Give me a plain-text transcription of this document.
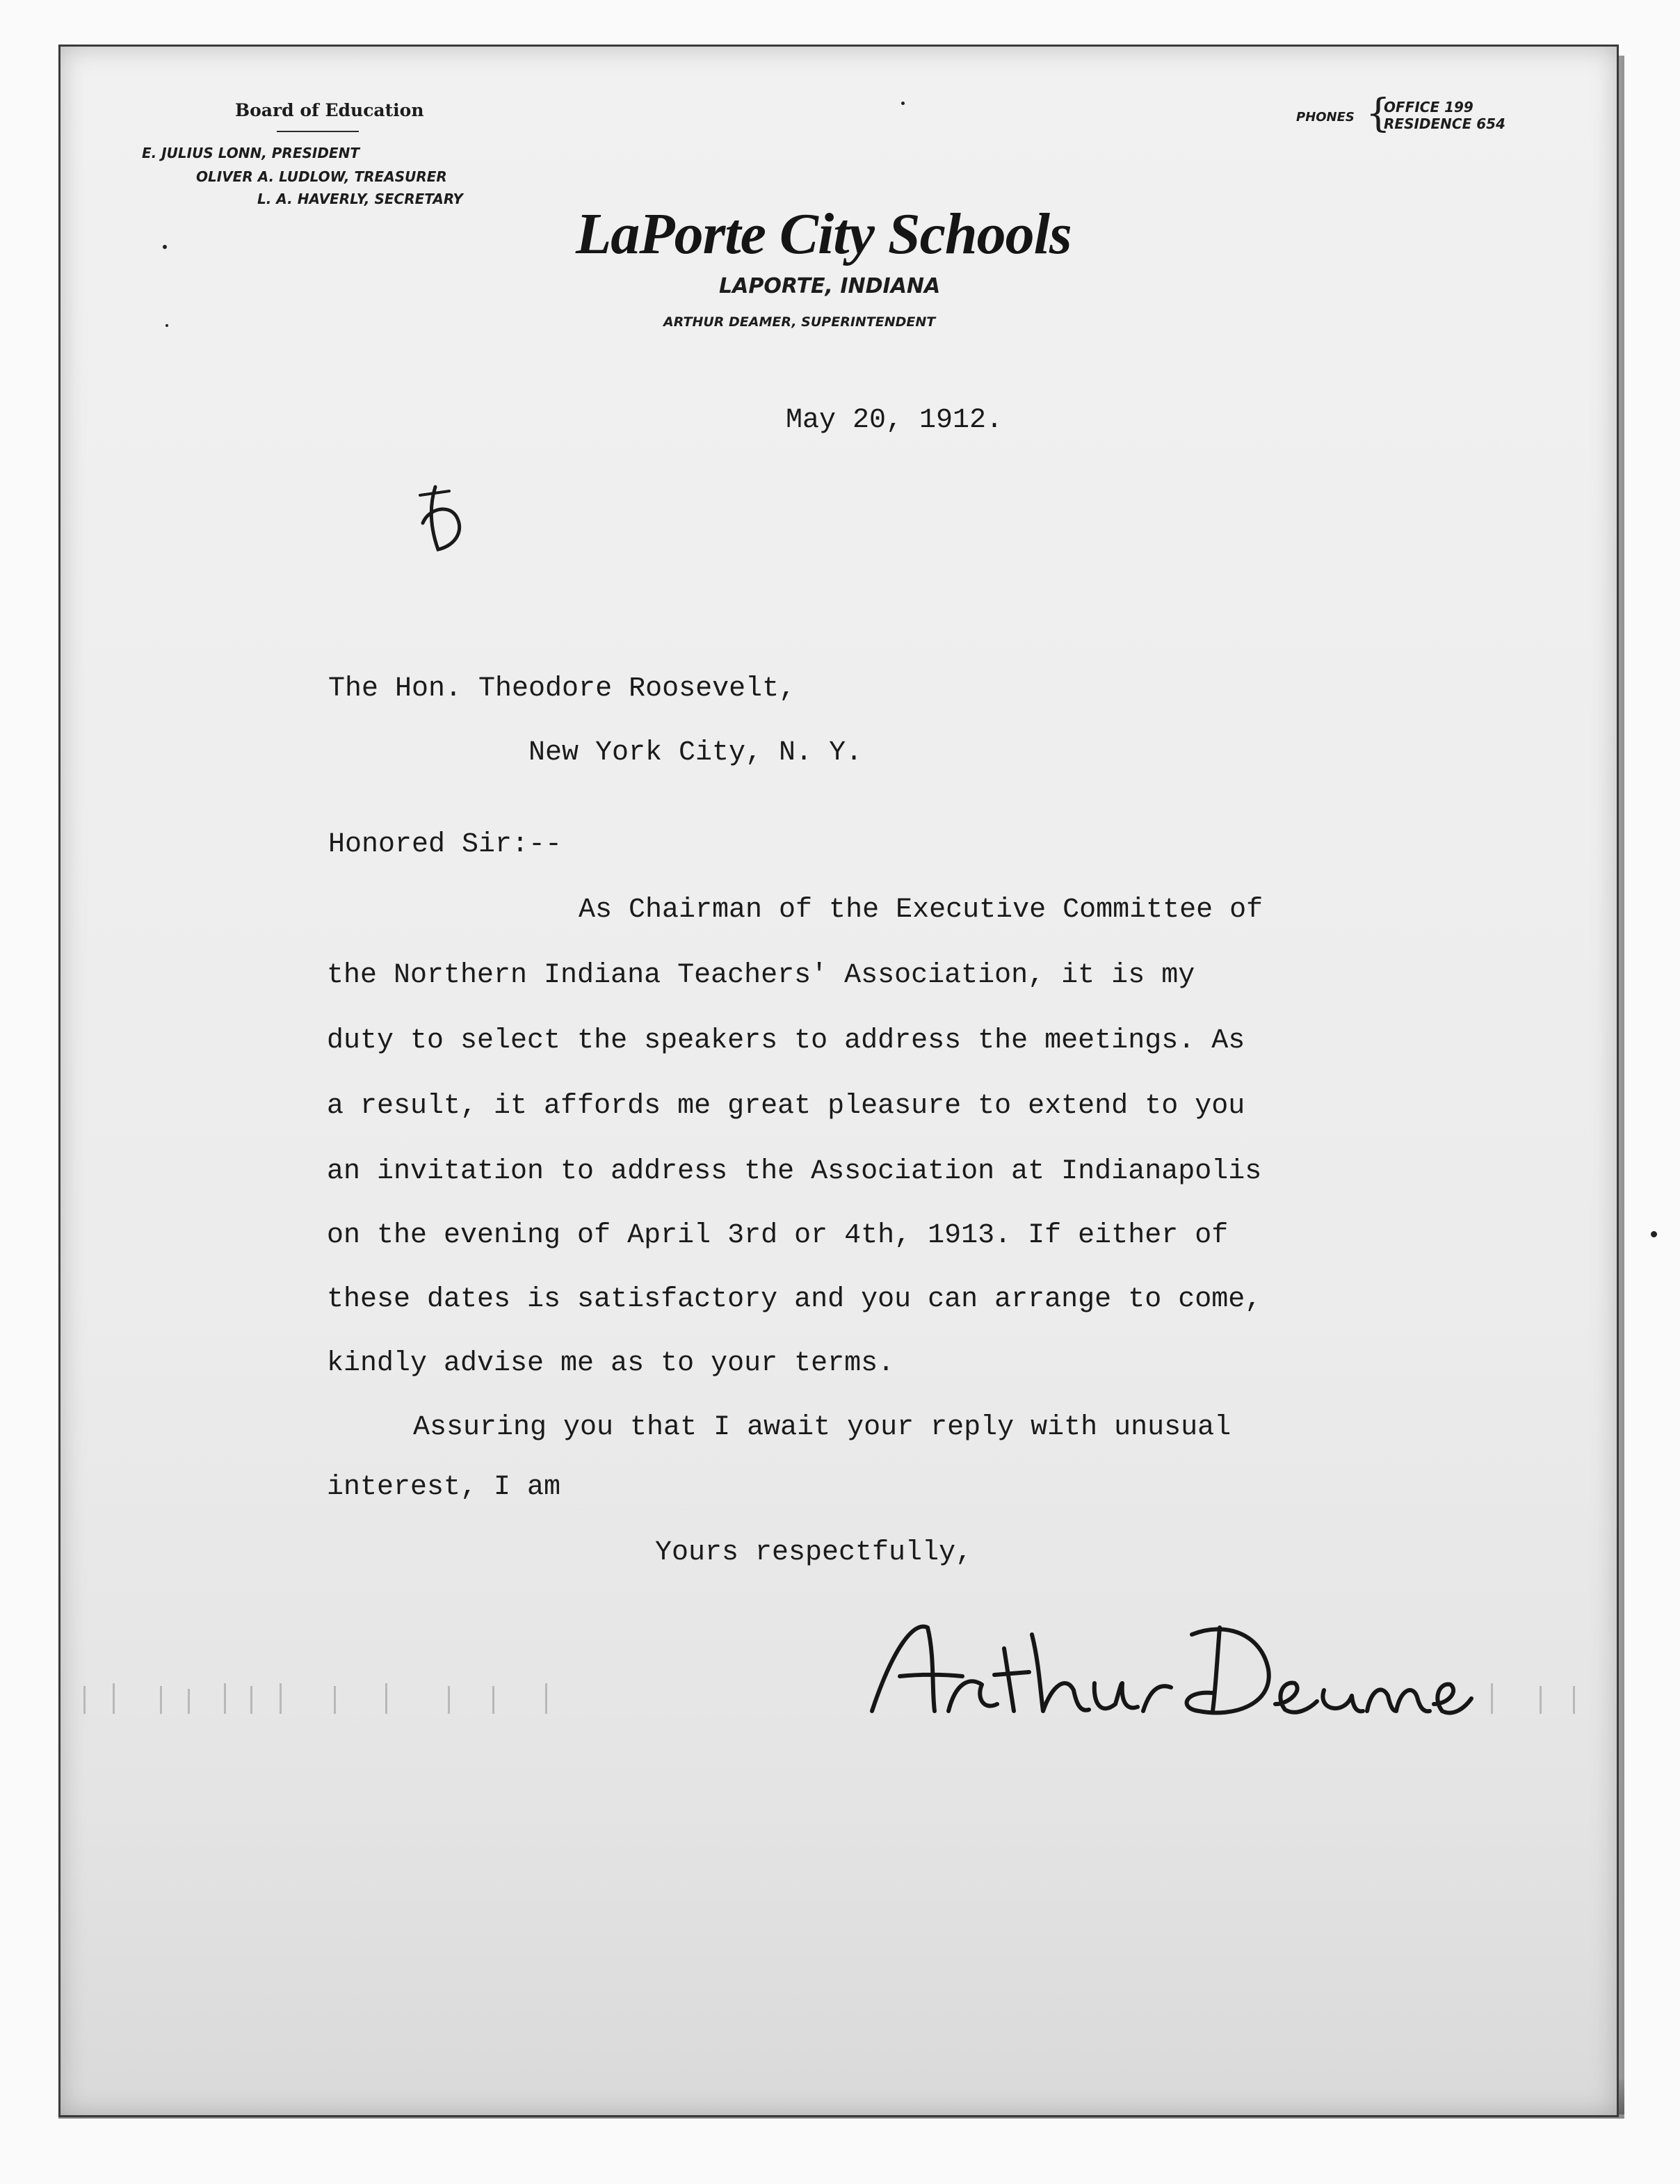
Board of Education
E. JULIUS LONN, PRESIDENT
OLIVER A. LUDLOW, TREASURER
L. A. HAVERLY, SECRETARY
PHONES {
OFFICE 199
RESIDENCE 654
LaPorte City Schools
LAPORTE, INDIANA
ARTHUR DEAMER, SUPERINTENDENT
May 20, 1912.
The Hon. Theodore Roosevelt,
New York City, N. Y.
Honored Sir:--
As Chairman of the Executive Committee of
the Northern Indiana Teachers' Association, it is my
duty to select the speakers to address the meetings. As
a result, it affords me great pleasure to extend to you
an invitation to address the Association at Indianapolis
on the evening of April 3rd or 4th, 1913. If either of
these dates is satisfactory and you can arrange to come,
kindly advise me as to your terms.
Assuring you that I await your reply with unusual
interest, I am
Yours respectfully,
